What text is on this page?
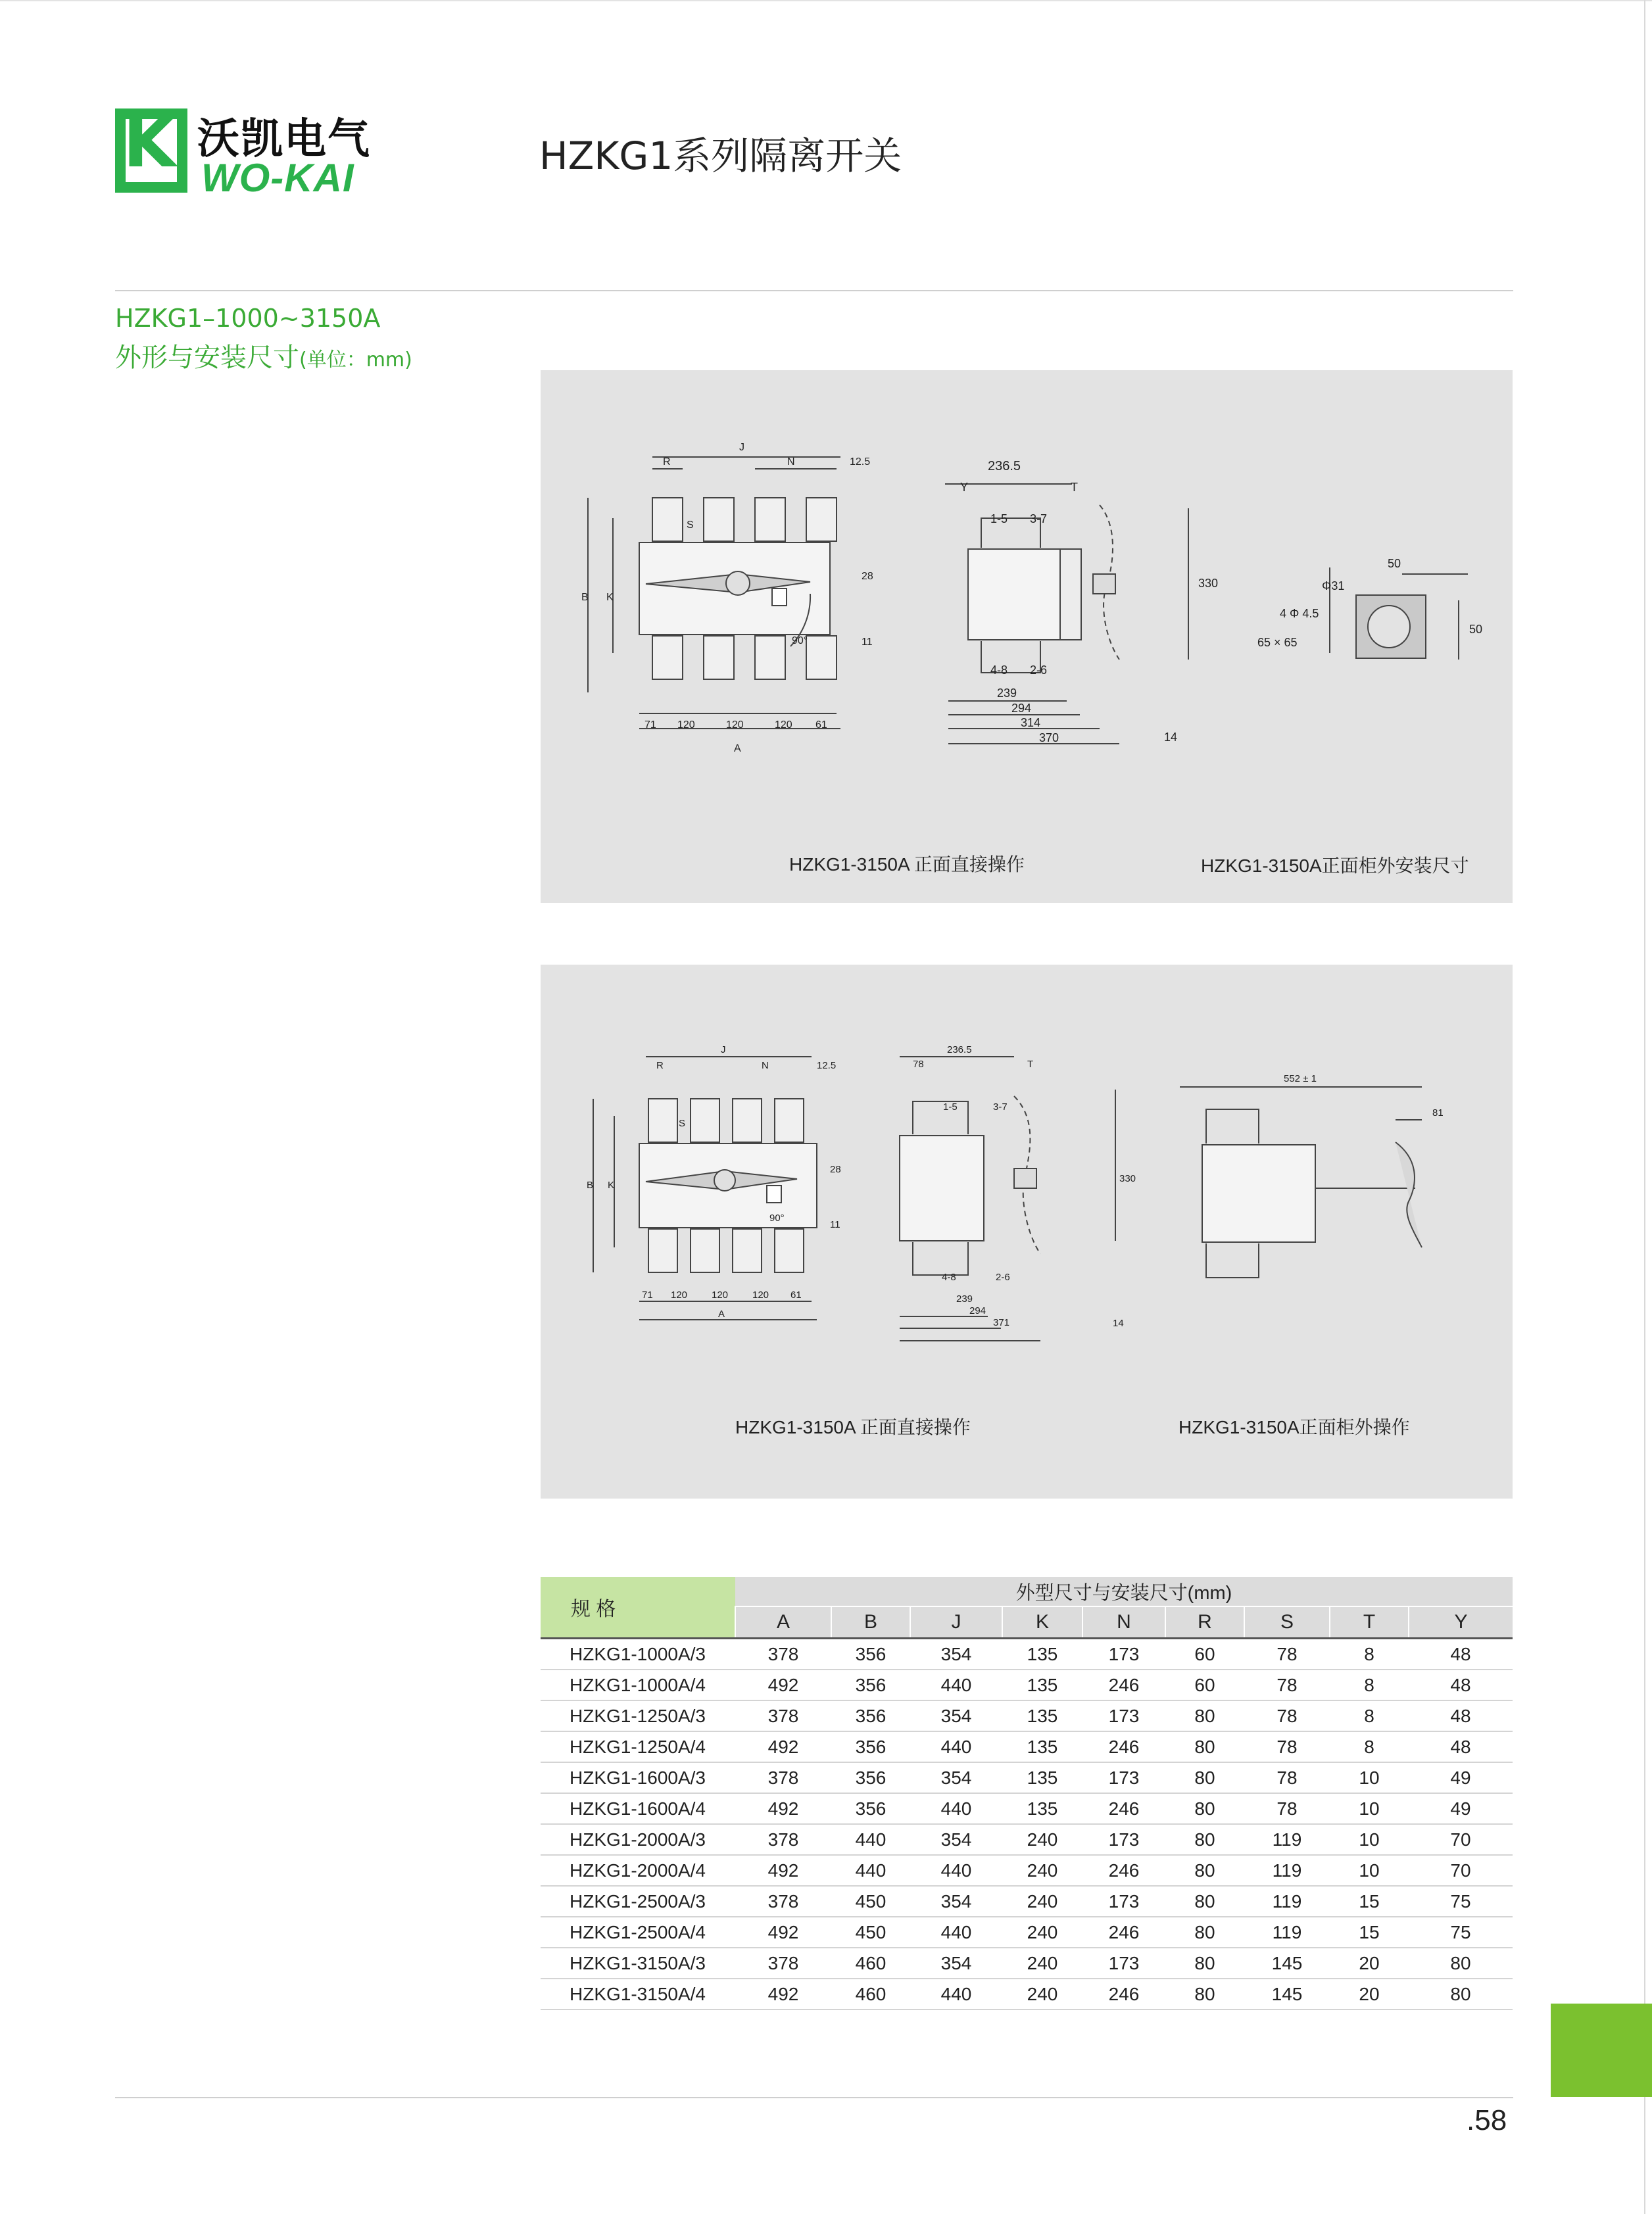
K 沃凯电气
WO-KAI	HZKG1系列隔离开关
HZKG1–1000~3150A
外形与安装尺寸(单位：mm)
J
R	N	12.5
S
B K
28
11
90°
71 120	120	120 61
A
236.5
Y	T
1-5 3-7
4-8 2-6
239
294
314
370	14
330
50
Φ31
4 Φ 4.5
65 × 65
50
HZKG1-3150A 正面直接操作	HZKG1-3150A正面柜外安装尺寸
J
R	N	12.5
S
B K
28
11
90°
71 120 120 120 61
A
236.5
78	T
1-5	3-7
4-8	2-6
239
294
371	14
330
552 ± 1
81
HZKG1-3150A 正面直接操作	HZKG1-3150A正面柜外操作
规 格	外型尺寸与安装尺寸(mm)								
	A	B	J	K	N	R	S	T	Y
HZKG1-1000A/3	378	356	354	135	173	60	78	8	48
HZKG1-1000A/4	492	356	440	135	246	60	78	8	48
HZKG1-1250A/3	378	356	354	135	173	80	78	8	48
HZKG1-1250A/4	492	356	440	135	246	80	78	8	48
HZKG1-1600A/3	378	356	354	135	173	80	78	10	49
HZKG1-1600A/4	492	356	440	135	246	80	78	10	49
HZKG1-2000A/3	378	440	354	240	173	80	119	10	70
HZKG1-2000A/4	492	440	440	240	246	80	119	10	70
HZKG1-2500A/3	378	450	354	240	173	80	119	15	75
HZKG1-2500A/4	492	450	440	240	246	80	119	15	75
HZKG1-3150A/3	378	460	354	240	173	80	145	20	80
HZKG1-3150A/4	492	460	440	240	246	80	145	20	80
.58
